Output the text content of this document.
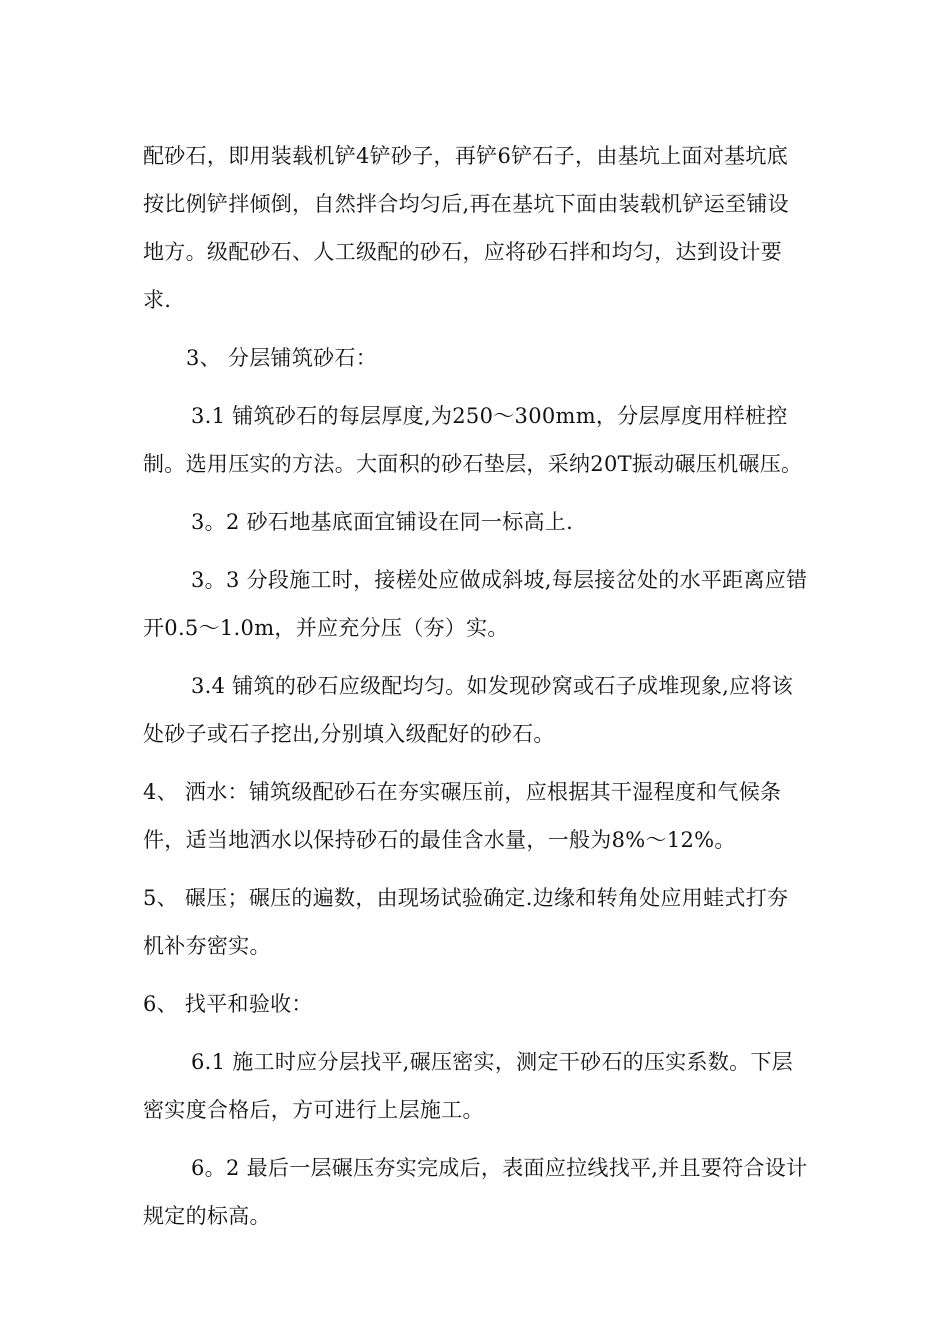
配砂石，即用装载机铲4铲砂子，再铲6铲石子，由基坑上面对基坑底按比例铲拌倾倒，自然拌合均匀后,再在基坑下面由装载机铲运至铺设地方。级配砂石、人工级配的砂石，应将砂石拌和均匀，达到设计要求.

3、 分层铺筑砂石：

3.1 铺筑砂石的每层厚度,为250～300mm，分层厚度用样桩控制。选用压实的方法。大面积的砂石垫层，采纳20T振动碾压机碾压。

3。2 砂石地基底面宜铺设在同一标高上.

3。3 分段施工时，接槎处应做成斜坡,每层接岔处的水平距离应错开0.5～1.0m，并应充分压（夯）实。

3.4 铺筑的砂石应级配均匀。如发现砂窝或石子成堆现象,应将该处砂子或石子挖出,分别填入级配好的砂石。

4、 洒水：铺筑级配砂石在夯实碾压前，应根据其干湿程度和气候条件，适当地洒水以保持砂石的最佳含水量，一般为8%～12%。

5、 碾压；碾压的遍数，由现场试验确定.边缘和转角处应用蛙式打夯机补夯密实。

6、 找平和验收：

6.1 施工时应分层找平,碾压密实，测定干砂石的压实系数。下层密实度合格后，方可进行上层施工。

6。2 最后一层碾压夯实完成后，表面应拉线找平,并且要符合设计规定的标高。
